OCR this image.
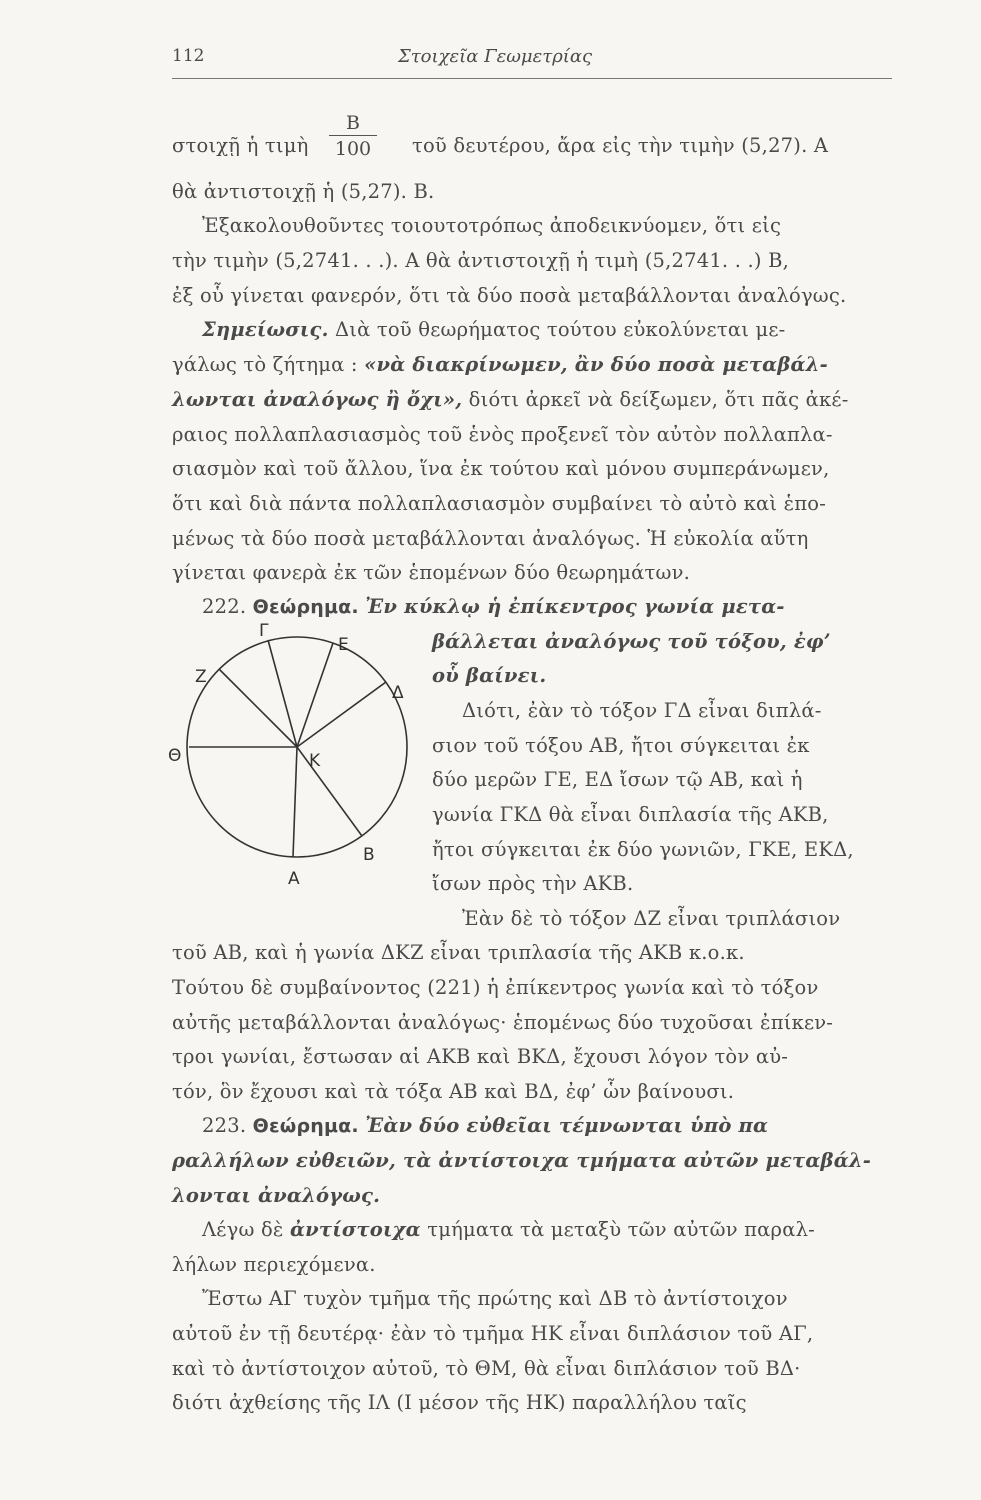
112	Στοιχεῖα Γεωμετρίας
στοιχῇ ἡ τιμὴ
Β
100	τοῦ δευτέρου, ἄρα εἰς τὴν τιμὴν (5,27). Α
θὰ ἀντιστοιχῇ ἡ (5,27). Β.
Ἐξακολουθοῦντες τοιουτοτρόπως ἀποδεικνύομεν, ὅτι εἰς
τὴν τιμὴν (5,2741. . .). Α θὰ ἀντιστοιχῇ ἡ τιμὴ (5,2741. . .) Β,
ἐξ οὗ γίνεται φανερόν, ὅτι τὰ δύο ποσὰ μεταβάλλονται ἀναλόγως.
Σημείωσις. Διὰ τοῦ θεωρήματος τούτου εὐκολύνεται με-
γάλως τὸ ζήτημα : «νὰ διακρίνωμεν, ἂν δύο ποσὰ μεταβάλ-
λωνται ἀναλόγως ἢ ὄχι», διότι ἀρκεῖ νὰ δείξωμεν, ὅτι πᾶς ἀκέ-
ραιος πολλαπλασιασμὸς τοῦ ἑνὸς προξενεῖ τὸν αὐτὸν πολλαπλα-
σιασμὸν καὶ τοῦ ἄλλου, ἵνα ἐκ τούτου καὶ μόνου συμπεράνωμεν,
ὅτι καὶ διὰ πάντα πολλαπλασιασμὸν συμβαίνει τὸ αὐτὸ καὶ ἑπο-
μένως τὰ δύο ποσὰ μεταβάλλονται ἀναλόγως. Ἡ εὐκολία αὕτη
γίνεται φανερὰ ἐκ τῶν ἑπομένων δύο θεωρημάτων.
222. Θεώρημα. Ἐν κύκλῳ ἡ ἐπίκεντρος γωνία μετα-
βάλλεται ἀναλόγως τοῦ τόξου, ἐφ’
οὗ βαίνει.
Γ
Ε
Ζ
Δ
Θ	Κ
Β
Α
Διότι, ἐὰν τὸ τόξον ΓΔ εἶναι διπλά-
σιον τοῦ τόξου ΑΒ, ἤτοι σύγκειται ἐκ
δύο μερῶν ΓΕ, ΕΔ ἴσων τῷ ΑΒ, καὶ ἡ
γωνία ΓΚΔ θὰ εἶναι διπλασία τῆς ΑΚΒ,
ἤτοι σύγκειται ἐκ δύο γωνιῶν, ΓΚΕ, ΕΚΔ,
ἴσων πρὸς τὴν ΑΚΒ.
Ἐὰν δὲ τὸ τόξον ΔΖ εἶναι τριπλάσιον
τοῦ ΑΒ, καὶ ἡ γωνία ΔΚΖ εἶναι τριπλασία τῆς ΑΚΒ κ.ο.κ.
Τούτου δὲ συμβαίνοντος (221) ἡ ἐπίκεντρος γωνία καὶ τὸ τόξον
αὐτῆς μεταβάλλονται ἀναλόγως· ἑπομένως δύο τυχοῦσαι ἐπίκεν-
τροι γωνίαι, ἔστωσαν αἱ ΑΚΒ καὶ ΒΚΔ, ἔχουσι λόγον τὸν αὐ-
τόν, ὃν ἔχουσι καὶ τὰ τόξα ΑΒ καὶ ΒΔ, ἐφ’ ὧν βαίνουσι.
223. Θεώρημα. Ἐὰν δύο εὐθεῖαι τέμνωνται ὑπὸ πα
ραλλήλων εὐθειῶν, τὰ ἀντίστοιχα τμήματα αὐτῶν μεταβάλ-
λονται ἀναλόγως.
Λέγω δὲ ἀντίστοιχα τμήματα τὰ μεταξὺ τῶν αὐτῶν παραλ-
λήλων περιεχόμενα.
Ἔστω ΑΓ τυχὸν τμῆμα τῆς πρώτης καὶ ΔΒ τὸ ἀντίστοιχον
αὐτοῦ ἐν τῇ δευτέρᾳ· ἐὰν τὸ τμῆμα ΗΚ εἶναι διπλάσιον τοῦ ΑΓ,
καὶ τὸ ἀντίστοιχον αὐτοῦ, τὸ ΘΜ, θὰ εἶναι διπλάσιον τοῦ ΒΔ·
διότι ἀχθείσης τῆς ΙΛ (Ι μέσον τῆς ΗΚ) παραλλήλου ταῖς
